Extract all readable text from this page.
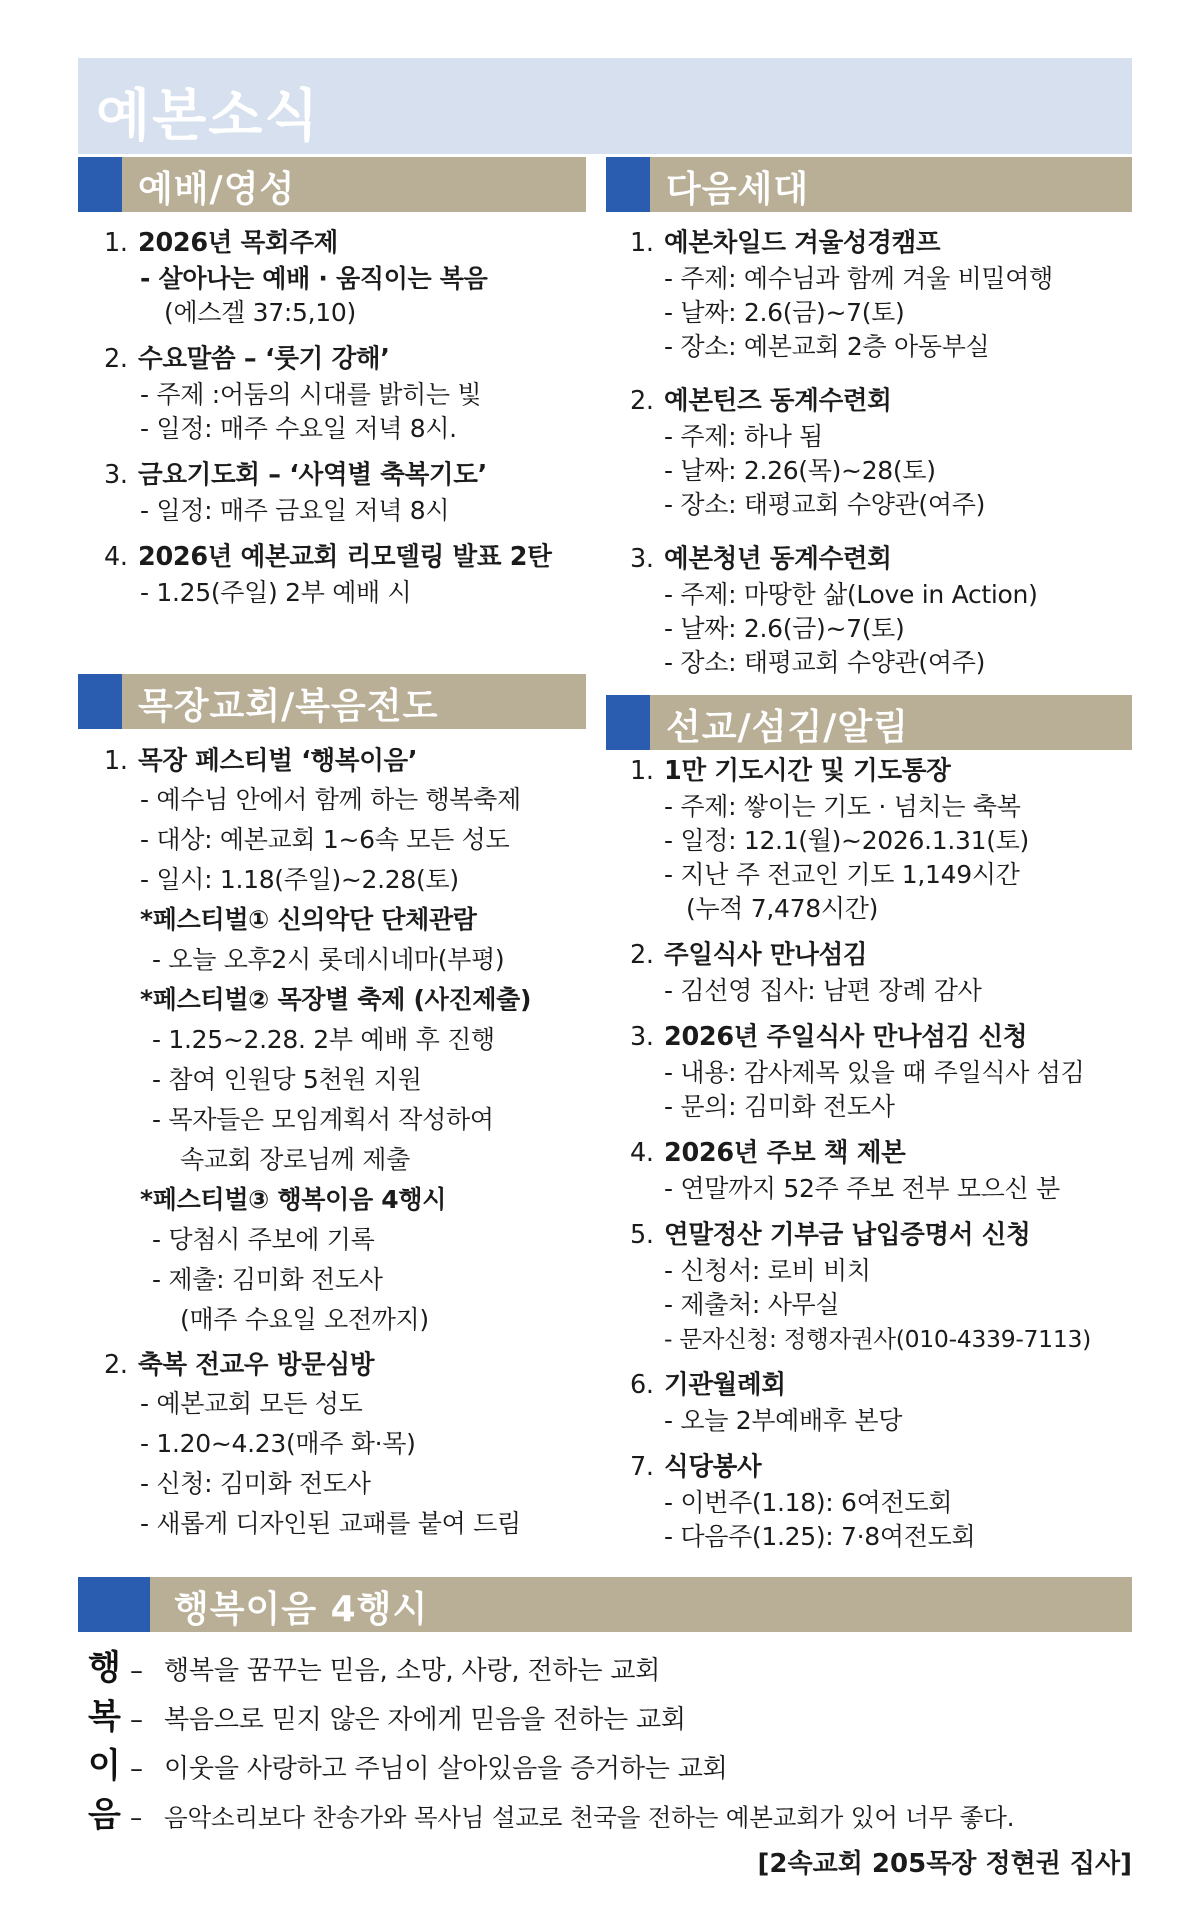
예본소식
예배/영성
1. 2026년 목회주제
- 살아나는 예배 · 움직이는 복음
(에스겔 37:5,10)
2. 수요말씀 – ‘룻기 강해’
- 주제 :어둠의 시대를 밝히는 빛
- 일정: 매주 수요일 저녁 8시.
3. 금요기도회 – ‘사역별 축복기도’
- 일정: 매주 금요일 저녁 8시
4. 2026년 예본교회 리모델링 발표 2탄
- 1.25(주일) 2부 예배 시
목장교회/복음전도
1. 목장 페스티벌 ‘행복이음’
- 예수님 안에서 함께 하는 행복축제
- 대상: 예본교회 1~6속 모든 성도
- 일시: 1.18(주일)~2.28(토)
*페스티벌① 신의악단 단체관람
- 오늘 오후2시 롯데시네마(부평)
*페스티벌② 목장별 축제 (사진제출)
- 1.25~2.28. 2부 예배 후 진행
- 참여 인원당 5천원 지원
- 목자들은 모임계획서 작성하여
속교회 장로님께 제출
*페스티벌③ 행복이음 4행시
- 당첨시 주보에 기록
- 제출: 김미화 전도사
(매주 수요일 오전까지)
2. 축복 전교우 방문심방
- 예본교회 모든 성도
- 1.20~4.23(매주 화·목)
- 신청: 김미화 전도사
- 새롭게 디자인된 교패를 붙여 드림
다음세대
1. 예본차일드 겨울성경캠프
- 주제: 예수님과 함께 겨울 비밀여행
- 날짜: 2.6(금)~7(토)
- 장소: 예본교회 2층 아동부실
2. 예본틴즈 동계수련회
- 주제: 하나 됨
- 날짜: 2.26(목)~28(토)
- 장소: 태평교회 수양관(여주)
3. 예본청년 동계수련회
- 주제: 마땅한 삶(Love in Action)
- 날짜: 2.6(금)~7(토)
- 장소: 태평교회 수양관(여주)
선교/섬김/알림
1. 1만 기도시간 및 기도통장
- 주제: 쌓이는 기도 · 넘치는 축복
- 일정: 12.1(월)~2026.1.31(토)
- 지난 주 전교인 기도 1,149시간
(누적 7,478시간)
2. 주일식사 만나섬김
- 김선영 집사: 남편 장례 감사
3. 2026년 주일식사 만나섬김 신청
- 내용: 감사제목 있을 때 주일식사 섬김
- 문의: 김미화 전도사
4. 2026년 주보 책 제본
- 연말까지 52주 주보 전부 모으신 분
5. 연말정산 기부금 납입증명서 신청
- 신청서: 로비 비치
- 제출처: 사무실
- 문자신청: 정행자권사(010-4339-7113)
6. 기관월례회
- 오늘 2부예배후 본당
7. 식당봉사
- 이번주(1.18): 6여전도회
- 다음주(1.25): 7·8여전도회
행복이음 4행시
행 – 행복을 꿈꾸는 믿음, 소망, 사랑, 전하는 교회
복 – 복음으로 믿지 않은 자에게 믿음을 전하는 교회
이 – 이웃을 사랑하고 주님이 살아있음을 증거하는 교회
음 – 음악소리보다 찬송가와 목사님 설교로 천국을 전하는 예본교회가 있어 너무 좋다.
[2속교회 205목장 정현권 집사]
